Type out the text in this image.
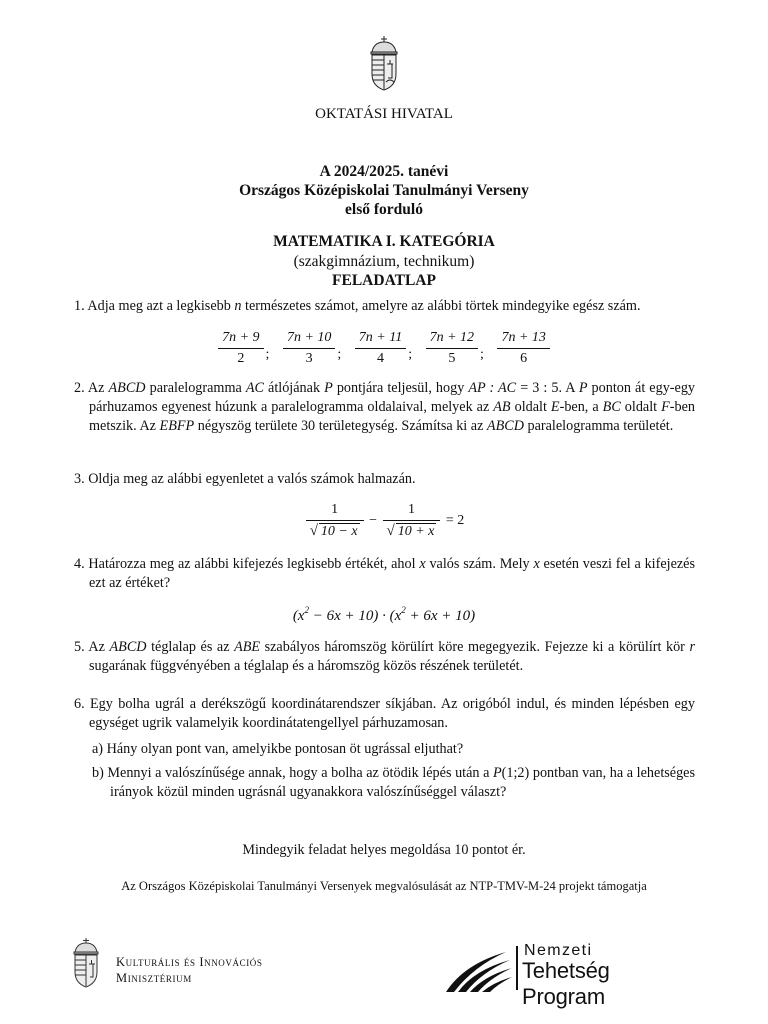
OKTATÁSI HIVATAL
A 2024/2025. tanévi
Országos Középiskolai Tanulmányi Verseny
első forduló
MATEMATIKA I. KATEGÓRIA
(szakgimnázium, technikum)
FELADATLAP
1. Adja meg azt a legkisebb n természetes számot, amelyre az alábbi törtek mindegyike egész szám.
$\frac{7n + 9}{2}$ ; $\frac{7n + 10}{3}$ ; $\frac{7n + 11}{4}$ ; $\frac{7n + 12}{5}$ ; $\frac{7n + 13}{6}$
2. Az ABCD paralelogramma AC átlójának P pontjára teljesül, hogy AP : AC = 3 : 5. A P ponton át egy-egy párhuzamos egyenest húzunk a paralelogramma oldalaival, melyek az AB oldalt E-ben, a BC oldalt F-ben metszik. Az EBFP négyszög területe 30 területegység. Számítsa ki az ABCD paralelogramma területét.
3. Oldja meg az alábbi egyenletet a valós számok halmazán.
$\frac{1}{√ 10 - x} - \frac{1}{√ 10 + x} = 2$
4. Határozza meg az alábbi kifejezés legkisebb értékét, ahol x valós szám. Mely x esetén veszi fel a kifejezés ezt az értéket?
$(x^2 - 6x + 10) \cdot (x^2 + 6x + 10)$
5. Az ABCD téglalap és az ABE szabályos háromszög körülírt köre megegyezik. Fejezze ki a körülírt kör r sugarának függvényében a téglalap és a háromszög közös részének területét.
6. Egy bolha ugrál a derékszögű koordinátarendszer síkjában. Az origóból indul, és minden lépésben egy egységet ugrik valamelyik koordinátatengellyel párhuzamosan.
a) Hány olyan pont van, amelyikbe pontosan öt ugrással eljuthat?
b) Mennyi a valószínűsége annak, hogy a bolha az ötödik lépés után a P(1;2) pontban van, ha a lehetséges irányok közül minden ugrásnál ugyanakkora valószínűséggel választ?
Mindegyik feladat helyes megoldása 10 pontot ér.
Az Országos Középiskolai Tanulmányi Versenyek megvalósulását az NTP-TMV-M-24 projekt támogatja
Kulturális és Innovációs
Minisztérium
Nemzeti
Tehetség Program
